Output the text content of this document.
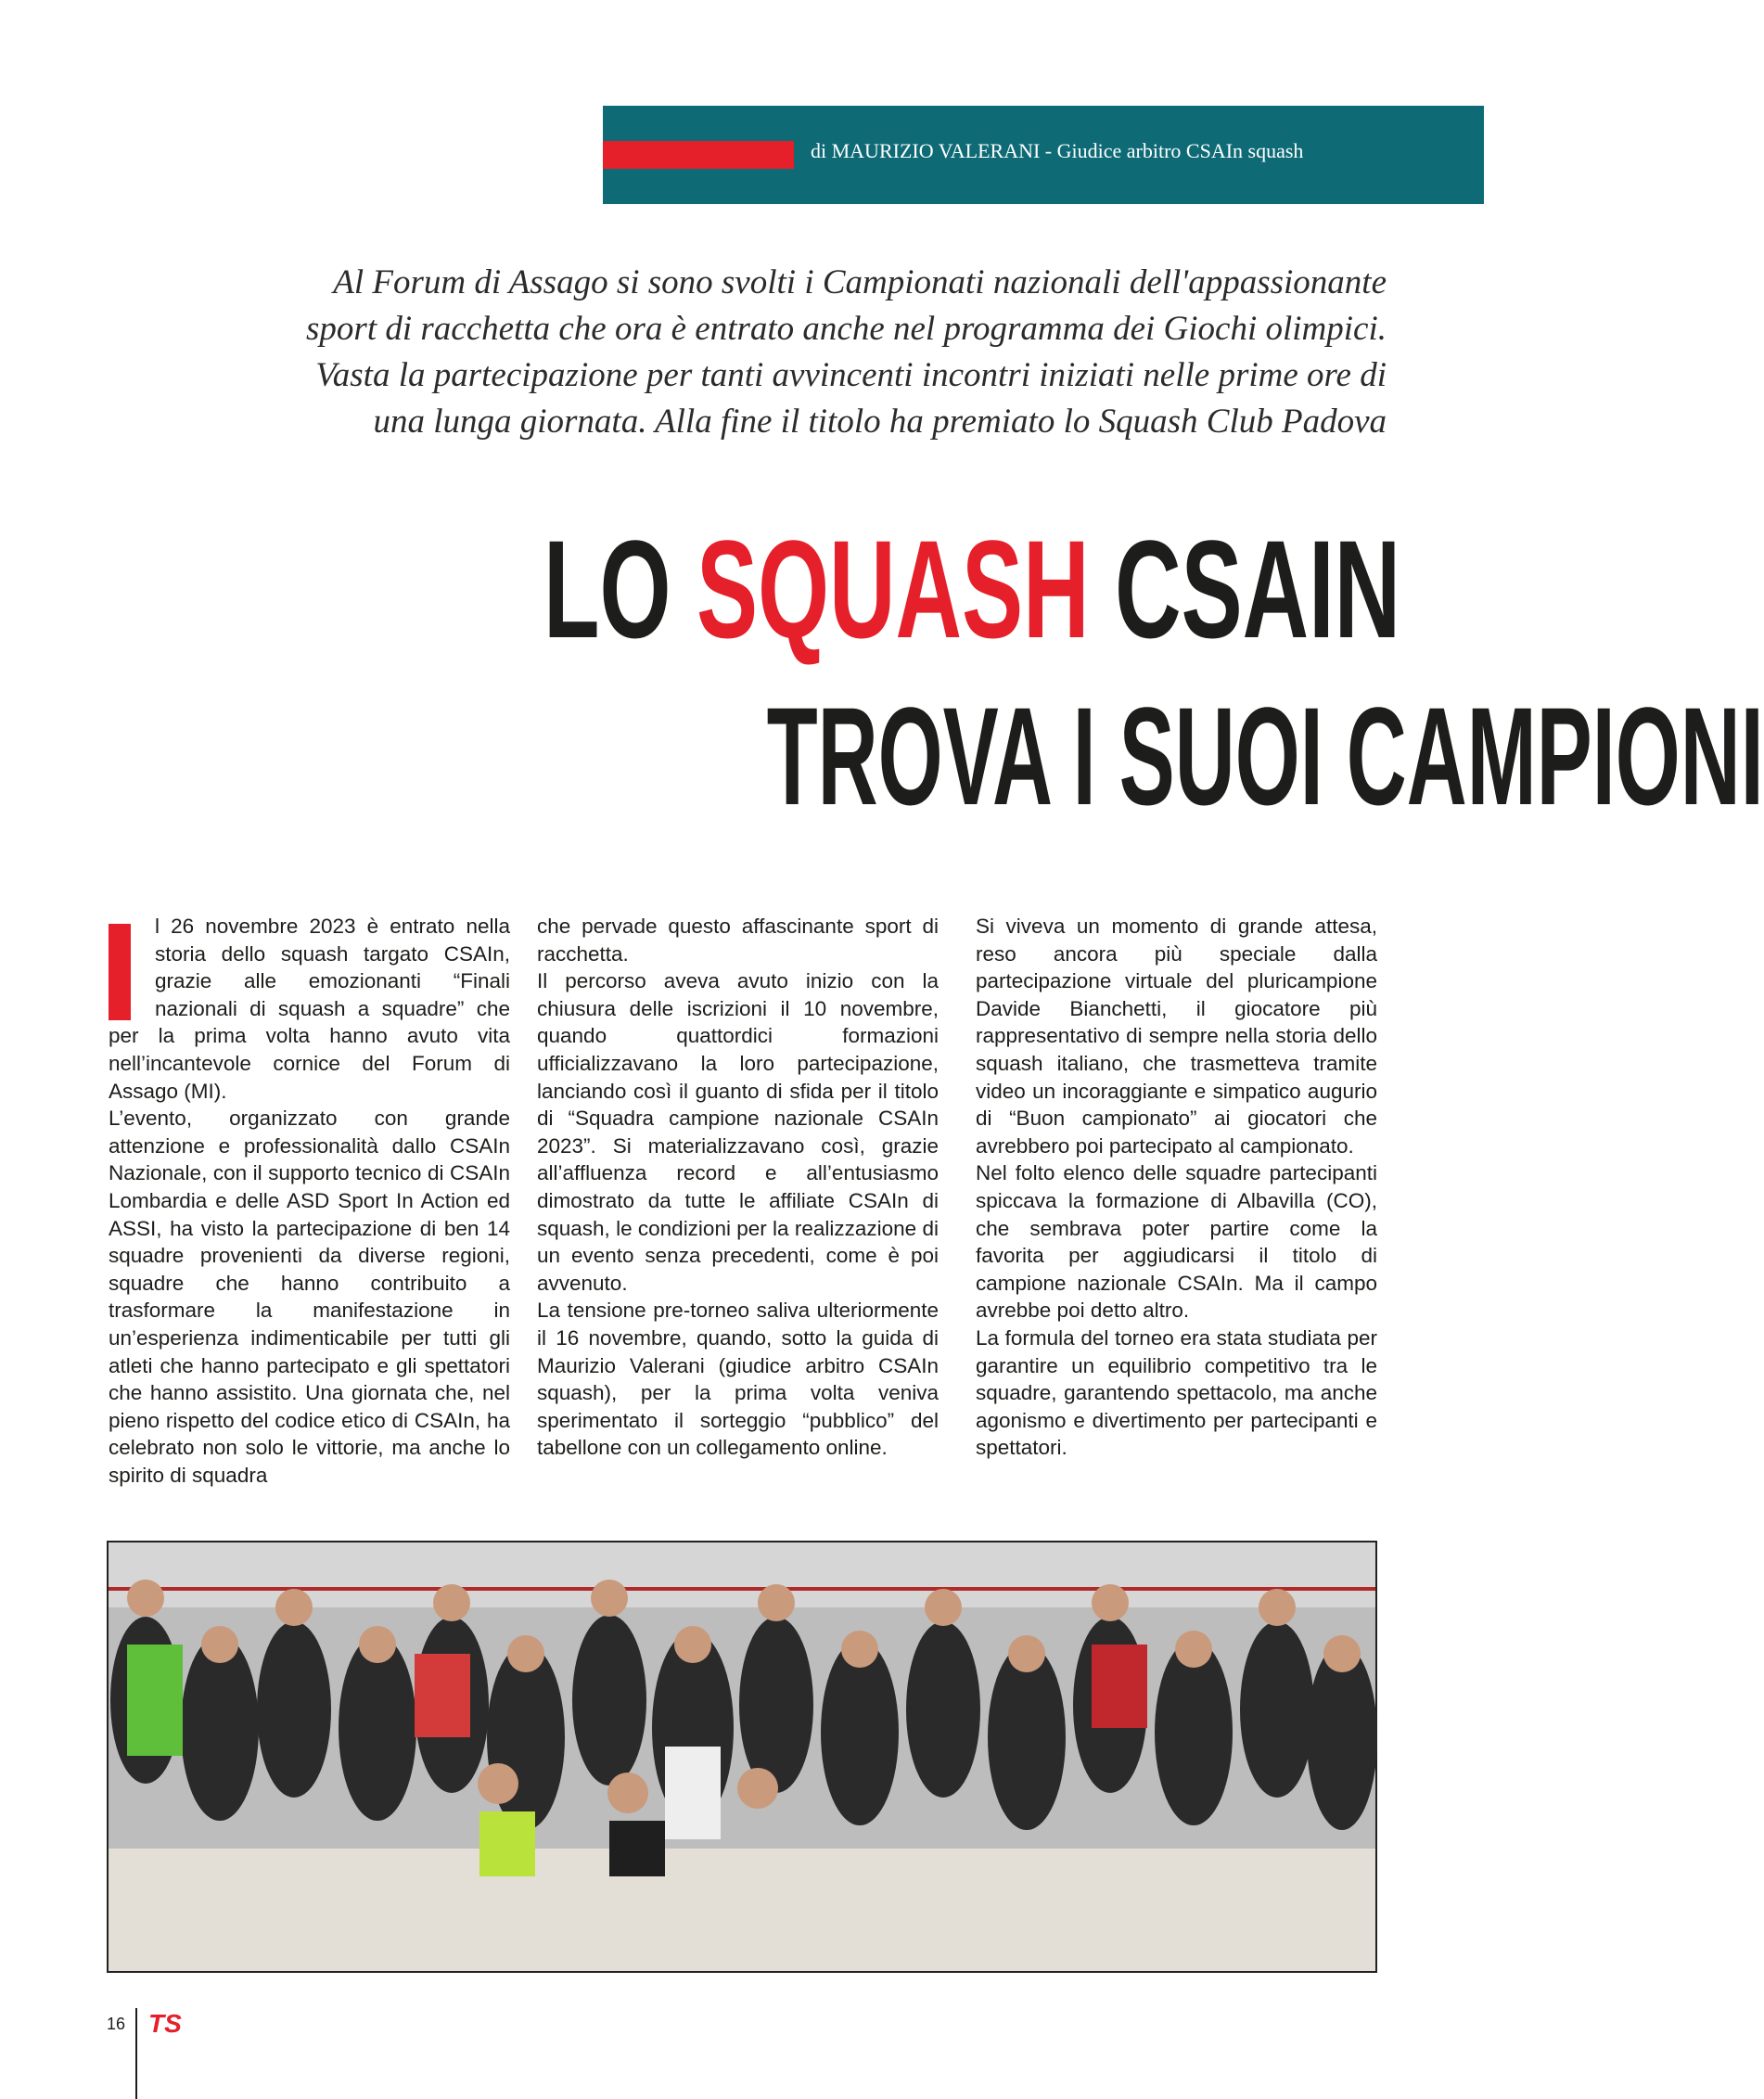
di MAURIZIO VALERANI - Giudice arbitro CSAIn squash
Al Forum di Assago si sono svolti i Campionati nazionali dell'appassionante
sport di racchetta che ora è entrato anche nel programma dei Giochi olimpici.
Vasta la partecipazione per tanti avvincenti incontri iniziati nelle prime ore di
una lunga giornata. Alla fine il titolo ha premiato lo Squash Club Padova
LO SQUASH CSAIN
TROVA I SUOI CAMPIONI

l 26 novembre 2023 è entrato nella storia dello squash targato CSAIn, grazie alle emozionanti “Finali nazionali di squash a squadre” che per la prima volta hanno avuto vita nell’incantevole cornice del Forum di Assago (MI).

L’evento, organizzato con grande attenzione e professionalità dallo CSAIn Nazionale, con il supporto tecnico di CSAIn Lombardia e delle ASD Sport In Action ed ASSI, ha visto la partecipazione di ben 14 squadre provenienti da diverse regioni, squadre che hanno contribuito a trasformare la manifestazione in un’esperienza indimenticabile per tutti gli atleti che hanno partecipato e gli spettatori che hanno assistito. Una giornata che, nel pieno rispetto del codice etico di CSAIn, ha celebrato non solo le vittorie, ma anche lo spirito di squadra

che pervade questo affascinante sport di racchetta.

Il percorso aveva avuto inizio con la chiusura delle iscrizioni il 10 novembre, quando quattordici formazioni ufficializzavano la loro partecipazione, lanciando così il guanto di sfida per il titolo di “Squadra campione nazionale CSAIn 2023”. Si materializzavano così, grazie all’affluenza record e all’entusiasmo dimostrato da tutte le affiliate CSAIn di squash, le condizioni per la realizzazione di un evento senza precedenti, come è poi avvenuto.

La tensione pre-torneo saliva ulteriormente il 16 novembre, quando, sotto la guida di Maurizio Valerani (giudice arbitro CSAIn squash), per la prima volta veniva sperimentato il sorteggio “pubblico” del tabellone con un collegamento online.

Si viveva un momento di grande attesa, reso ancora più speciale dalla partecipazione virtuale del pluricampione Davide Bianchetti, il giocatore più rappresentativo di sempre nella storia dello squash italiano, che trasmetteva tramite video un incoraggiante e simpatico augurio di “Buon campionato” ai giocatori che avrebbero poi partecipato al campionato.

Nel folto elenco delle squadre partecipanti spiccava la formazione di Albavilla (CO), che sembrava poter partire come la favorita per aggiudicarsi il titolo di campione nazionale CSAIn. Ma il campo avrebbe poi detto altro.

La formula del torneo era stata studiata per garantire un equilibrio competitivo tra le squadre, garantendo spettacolo, ma anche agonismo e divertimento per partecipanti e spettatori.

16 TS
